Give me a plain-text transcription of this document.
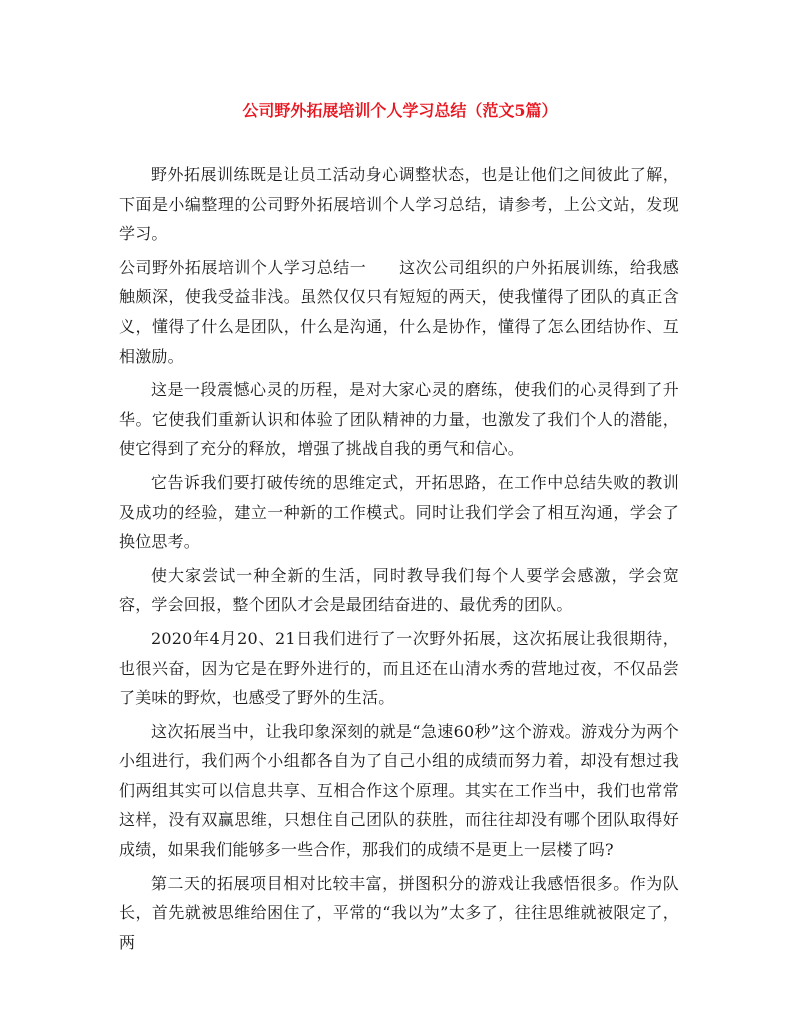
公司野外拓展培训个人学习总结（范文5篇）

野外拓展训练既是让员工活动身心调整状态，也是让他们之间彼此了解，下面是小编整理的公司野外拓展培训个人学习总结，请参考，上公文站，发现学习。

公司野外拓展培训个人学习总结一　　这次公司组织的户外拓展训练，给我感触颇深，使我受益非浅。虽然仅仅只有短短的两天，使我懂得了团队的真正含义，懂得了什么是团队，什么是沟通，什么是协作，懂得了怎么团结协作、互相激励。

这是一段震憾心灵的历程，是对大家心灵的磨练，使我们的心灵得到了升华。它使我们重新认识和体验了团队精神的力量，也激发了我们个人的潜能，使它得到了充分的释放，增强了挑战自我的勇气和信心。

它告诉我们要打破传统的思维定式，开拓思路，在工作中总结失败的教训及成功的经验，建立一种新的工作模式。同时让我们学会了相互沟通，学会了换位思考。

使大家尝试一种全新的生活，同时教导我们每个人要学会感激，学会宽容，学会回报，整个团队才会是最团结奋进的、最优秀的团队。

2020年4月20、21日我们进行了一次野外拓展，这次拓展让我很期待，也很兴奋，因为它是在野外进行的，而且还在山清水秀的营地过夜，不仅品尝了美味的野炊，也感受了野外的生活。

这次拓展当中，让我印象深刻的就是“急速60秒”这个游戏。游戏分为两个小组进行，我们两个小组都各自为了自己小组的成绩而努力着，却没有想过我们两组其实可以信息共享、互相合作这个原理。其实在工作当中，我们也常常这样，没有双赢思维，只想住自己团队的获胜，而往往却没有哪个团队取得好成绩，如果我们能够多一些合作，那我们的成绩不是更上一层楼了吗?

第二天的拓展项目相对比较丰富，拼图积分的游戏让我感悟很多。作为队长，首先就被思维给困住了，平常的“我以为”太多了，往往思维就被限定了，两
